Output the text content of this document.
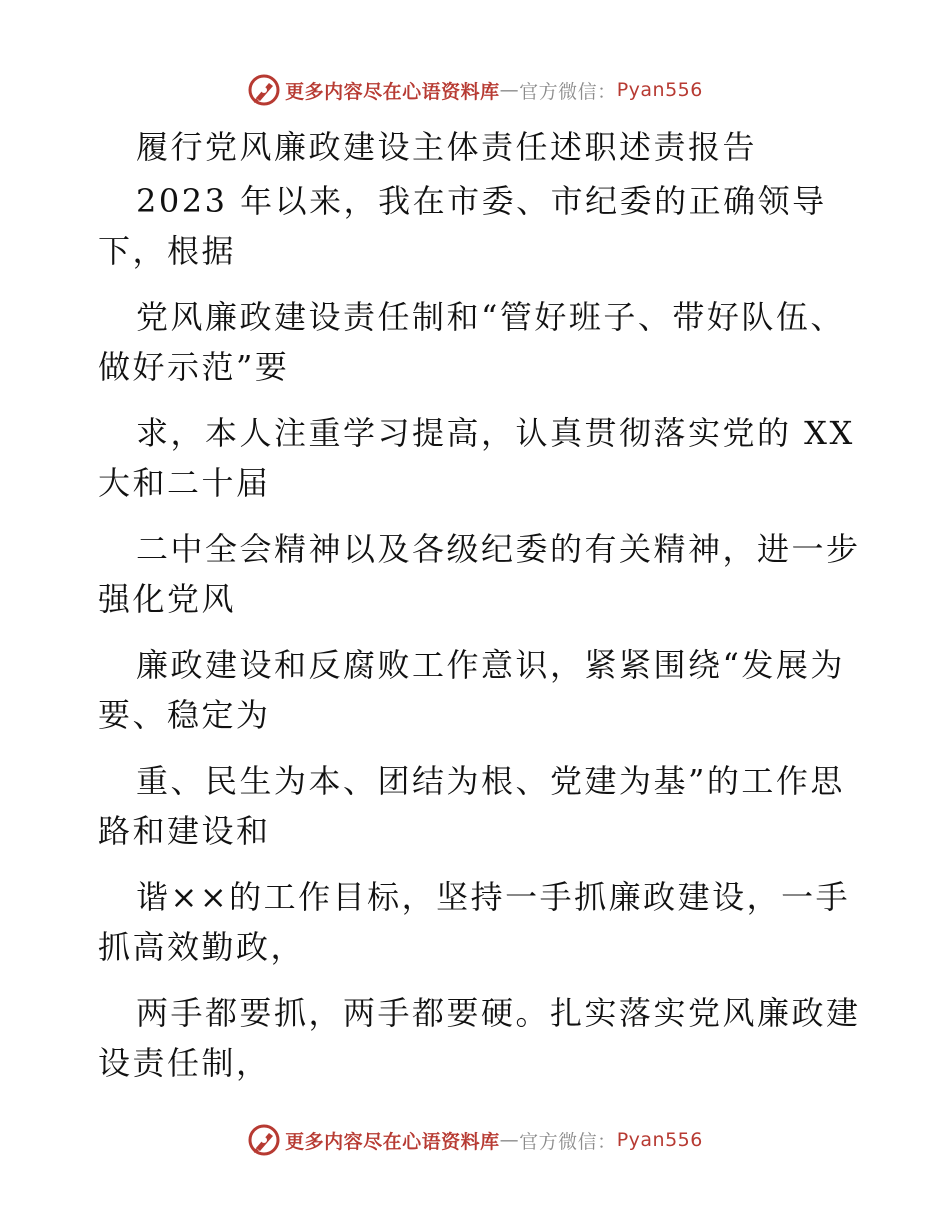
更多内容尽在心语资料库 — 官方微信： Pyan556
履行党风廉政建设主体责任述职述责报告
2023 年以来，我在市委、市纪委的正确领导
下，根据
党风廉政建设责任制和“管好班子、带好队伍、
做好示范”要
求，本人注重学习提高，认真贯彻落实党的 XX
大和二十届
二中全会精神以及各级纪委的有关精神，进一步
强化党风
廉政建设和反腐败工作意识，紧紧围绕“发展为
要、稳定为
重、民生为本、团结为根、党建为基”的工作思
路和建设和
谐××的工作目标，坚持一手抓廉政建设，一手
抓高效勤政，
两手都要抓，两手都要硬。扎实落实党风廉政建
设责任制，
更多内容尽在心语资料库 — 官方微信： Pyan556
